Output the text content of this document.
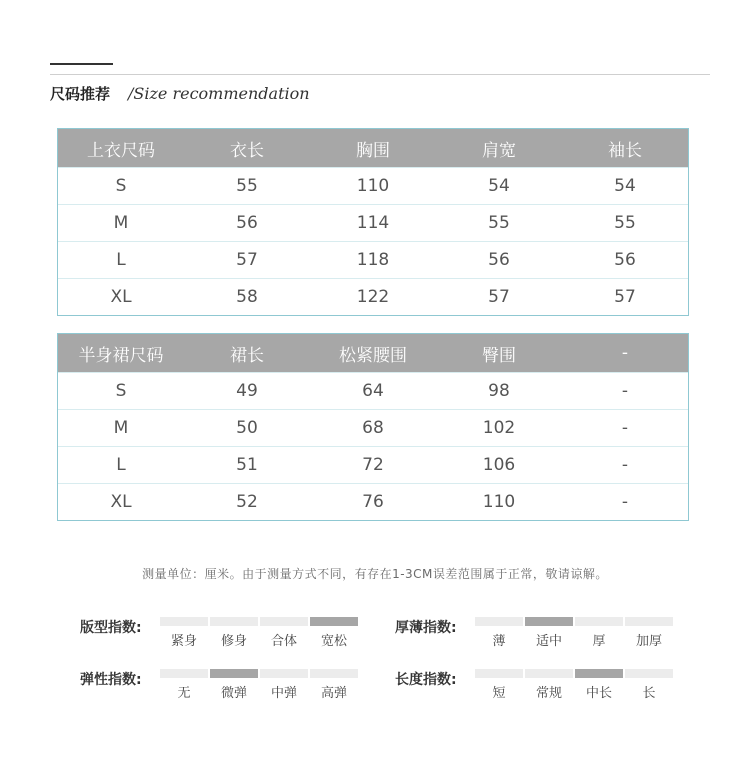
尺码推荐 /Size recommendation
上衣尺码	衣长	胸围	肩宽	袖长
S	55	110	54	54
M	56	114	55	55
L	57	118	56	56
XL	58	122	57	57
半身裙尺码	裙长	松紧腰围	臀围	-
S	49	64	98	-
M	50	68	102	-
L	51	72	106	-
XL	52	76	110	-
测量单位：厘米。由于测量方式不同，有存在1-3CM误差范围属于正常，敬请谅解。
版型指数:
紧身	修身	合体	宽松
厚薄指数:
薄	适中	厚	加厚
弹性指数:
无	微弹	中弹	高弹
长度指数:
短	常规	中长	长
